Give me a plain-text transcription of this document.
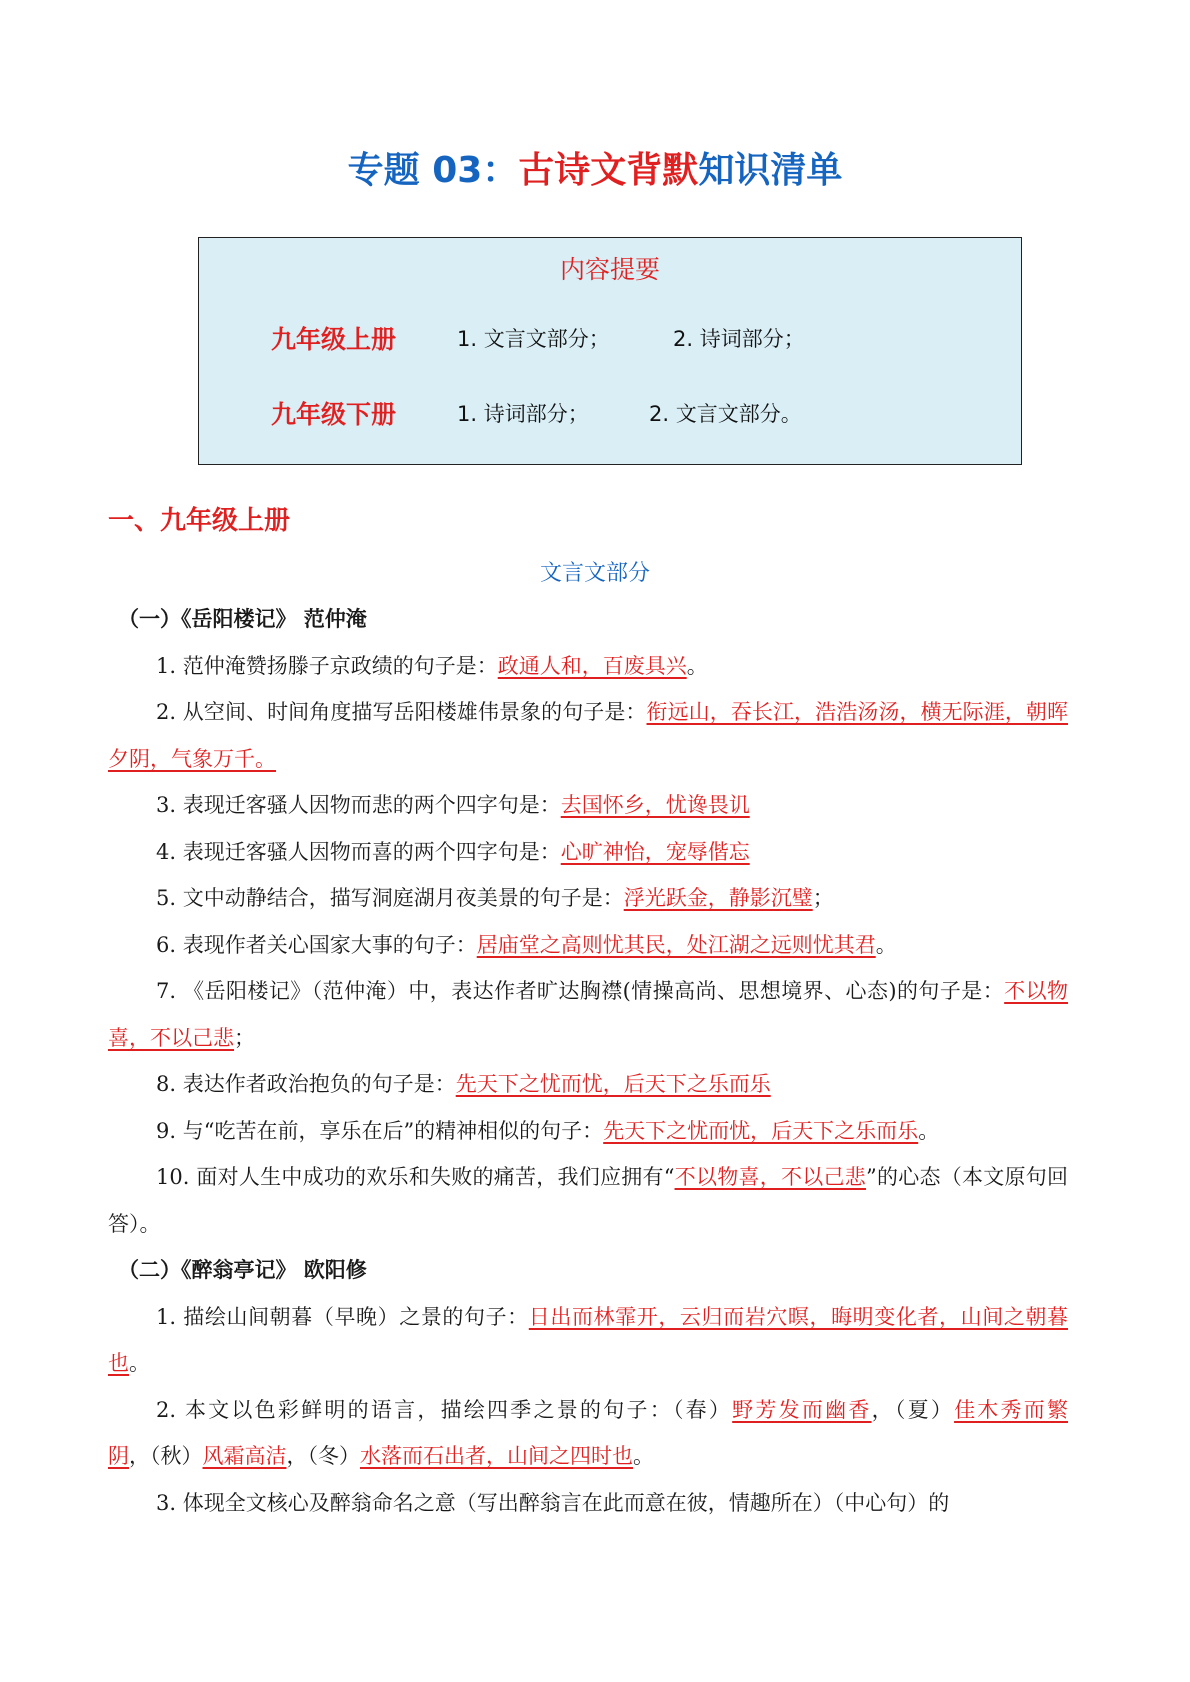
专题 03：古诗文背默知识清单
内容提要
九年级上册	1. 文言文部分；	2. 诗词部分；
九年级下册	1. 诗词部分；	2. 文言文部分。
一、九年级上册
文言文部分

（一）《岳阳楼记》 范仲淹

1. 范仲淹赞扬滕子京政绩的句子是：政通人和，百废具兴。

2. 从空间、时间角度描写岳阳楼雄伟景象的句子是：衔远山，吞长江，浩浩汤汤，横无际涯，朝晖夕阴，气象万千。

3. 表现迁客骚人因物而悲的两个四字句是：去国怀乡，忧谗畏讥

4. 表现迁客骚人因物而喜的两个四字句是：心旷神怡，宠辱偕忘

5. 文中动静结合，描写洞庭湖月夜美景的句子是：浮光跃金，静影沉璧；

6. 表现作者关心国家大事的句子：居庙堂之高则忧其民，处江湖之远则忧其君。

7. 《岳阳楼记》（范仲淹）中，表达作者旷达胸襟(情操高尚、思想境界、心态)的句子是：不以物喜，不以己悲；

8. 表达作者政治抱负的句子是：先天下之忧而忧，后天下之乐而乐

9. 与“吃苦在前，享乐在后”的精神相似的句子：先天下之忧而忧，后天下之乐而乐。

10. 面对人生中成功的欢乐和失败的痛苦，我们应拥有“不以物喜，不以己悲”的心态（本文原句回答）。

（二）《醉翁亭记》 欧阳修

1. 描绘山间朝暮（早晚）之景的句子：日出而林霏开，云归而岩穴暝，晦明变化者，山间之朝暮也。

2. 本文以色彩鲜明的语言，描绘四季之景的句子：（春）野芳发而幽香，（夏）佳木秀而繁阴，（秋）风霜高洁，（冬）水落而石出者，山间之四时也。

3. 体现全文核心及醉翁命名之意（写出醉翁言在此而意在彼，情趣所在）（中心句）的
